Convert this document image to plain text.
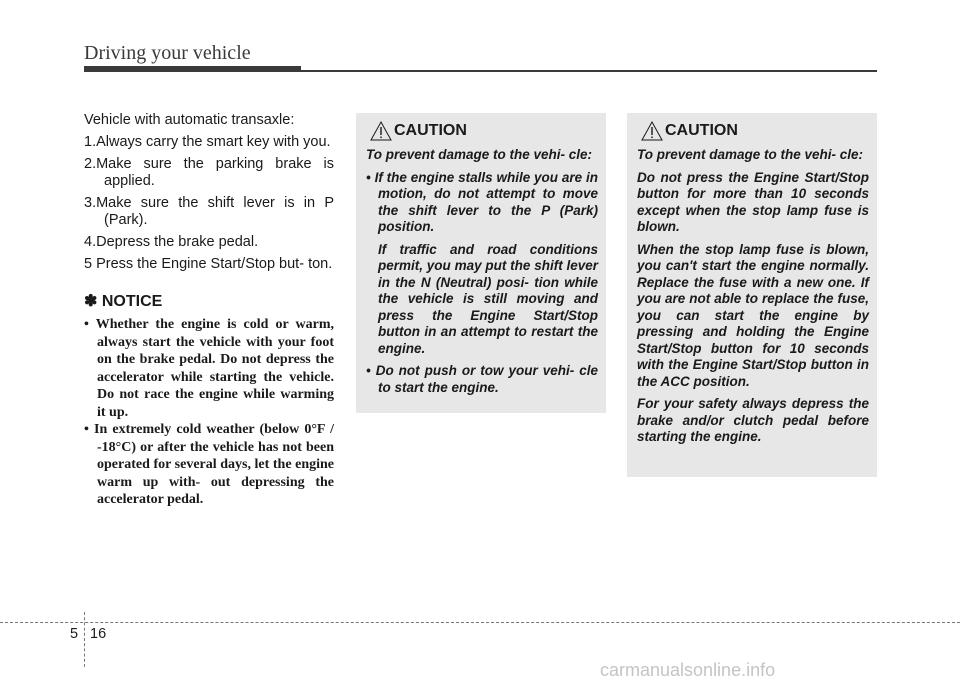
Driving your vehicle

Vehicle with automatic transaxle:

1.Always carry the smart key with you.
2.Make sure the parking brake is applied.
3.Make sure the shift lever is in P (Park).
4.Depress the brake pedal.
5 Press the Engine Start/Stop but- ton.
✽ NOTICE
• Whether the engine is cold or warm, always start the vehicle with your foot on the brake pedal. Do not depress the accelerator while starting the vehicle. Do not race the engine while warming it up.
• In extremely cold weather (below 0°F / -18°C) or after the vehicle has not been operated for several days, let the engine warm up with- out depressing the accelerator pedal.
CAUTION

To prevent damage to the vehi- cle:

• If the engine stalls while you are in motion, do not attempt to move the shift lever to the P (Park) position.

If traffic and road conditions permit, you may put the shift lever in the N (Neutral) posi- tion while the vehicle is still moving and press the Engine Start/Stop button in an attempt to restart the engine.

• Do not push or tow your vehi- cle to start the engine.

CAUTION

To prevent damage to the vehi- cle:

Do not press the Engine Start/Stop button for more than 10 seconds except when the stop lamp fuse is blown.

When the stop lamp fuse is blown, you can't start the engine normally. Replace the fuse with a new one. If you are not able to replace the fuse, you can start the engine by pressing and holding the Engine Start/Stop button for 10 seconds with the Engine Start/Stop button in the ACC position.

For your safety always depress the brake and/or clutch pedal before starting the engine.

5 16
carmanualsonline.info
